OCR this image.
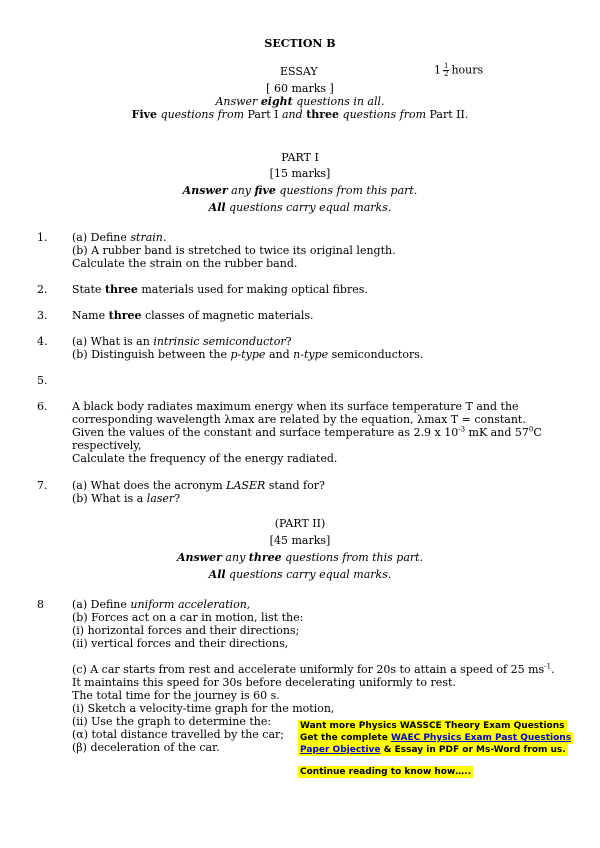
SECTION B
ESSAY	$1 \frac{1}{2}$ hours
[ 60 marks ]
Answer eight questions in all.
Five questions from Part I and three questions from Part II.
PART I
[15 marks]
Answer any five questions from this part.
All questions carry equal marks.
1. (a) Define strain.
(b) A rubber band is stretched to twice its original length.
Calculate the strain on the rubber band.
2. State three materials used for making optical fibres.
3. Name three classes of magnetic materials.
4. (a) What is an intrinsic semiconductor?
(b) Distinguish between the p-type and n-type semiconductors.
5.
6. A black body radiates maximum energy when its surface temperature T and the
corresponding wavelength λmax are related by the equation, λmax T = constant.
Given the values of the constant and surface temperature as 2.9 x $10^{-3}$ mK and $57^0C$
respectively,
Calculate the frequency of the energy radiated.
7. (a) What does the acronym LASER stand for?
(b) What is a laser?
(PART II)
[45 marks]
Answer any three questions from this part.
All questions carry equal marks.
8	(a) Define uniform acceleration,
(b) Forces act on a car in motion, list the:
(i) horizontal forces and their directions;
(ii) vertical forces and their directions,
(c) A car starts from rest and accelerate uniformly for 20s to attain a speed of 25 $ms^{-1}$.
It maintains this speed for 30s before decelerating uniformly to rest.
The total time for the journey is 60 s.
(i) Sketch a velocity-time graph for the motion,
(ii) Use the graph to determine the:
(α) total distance travelled by the car;
(β) deceleration of the car.
Want more Physics WASSCE Theory Exam Questions
Get the complete WAEC Physics Exam Past Questions
Paper Objective & Essay in PDF or Ms-Word from us.
Continue reading to know how…..
